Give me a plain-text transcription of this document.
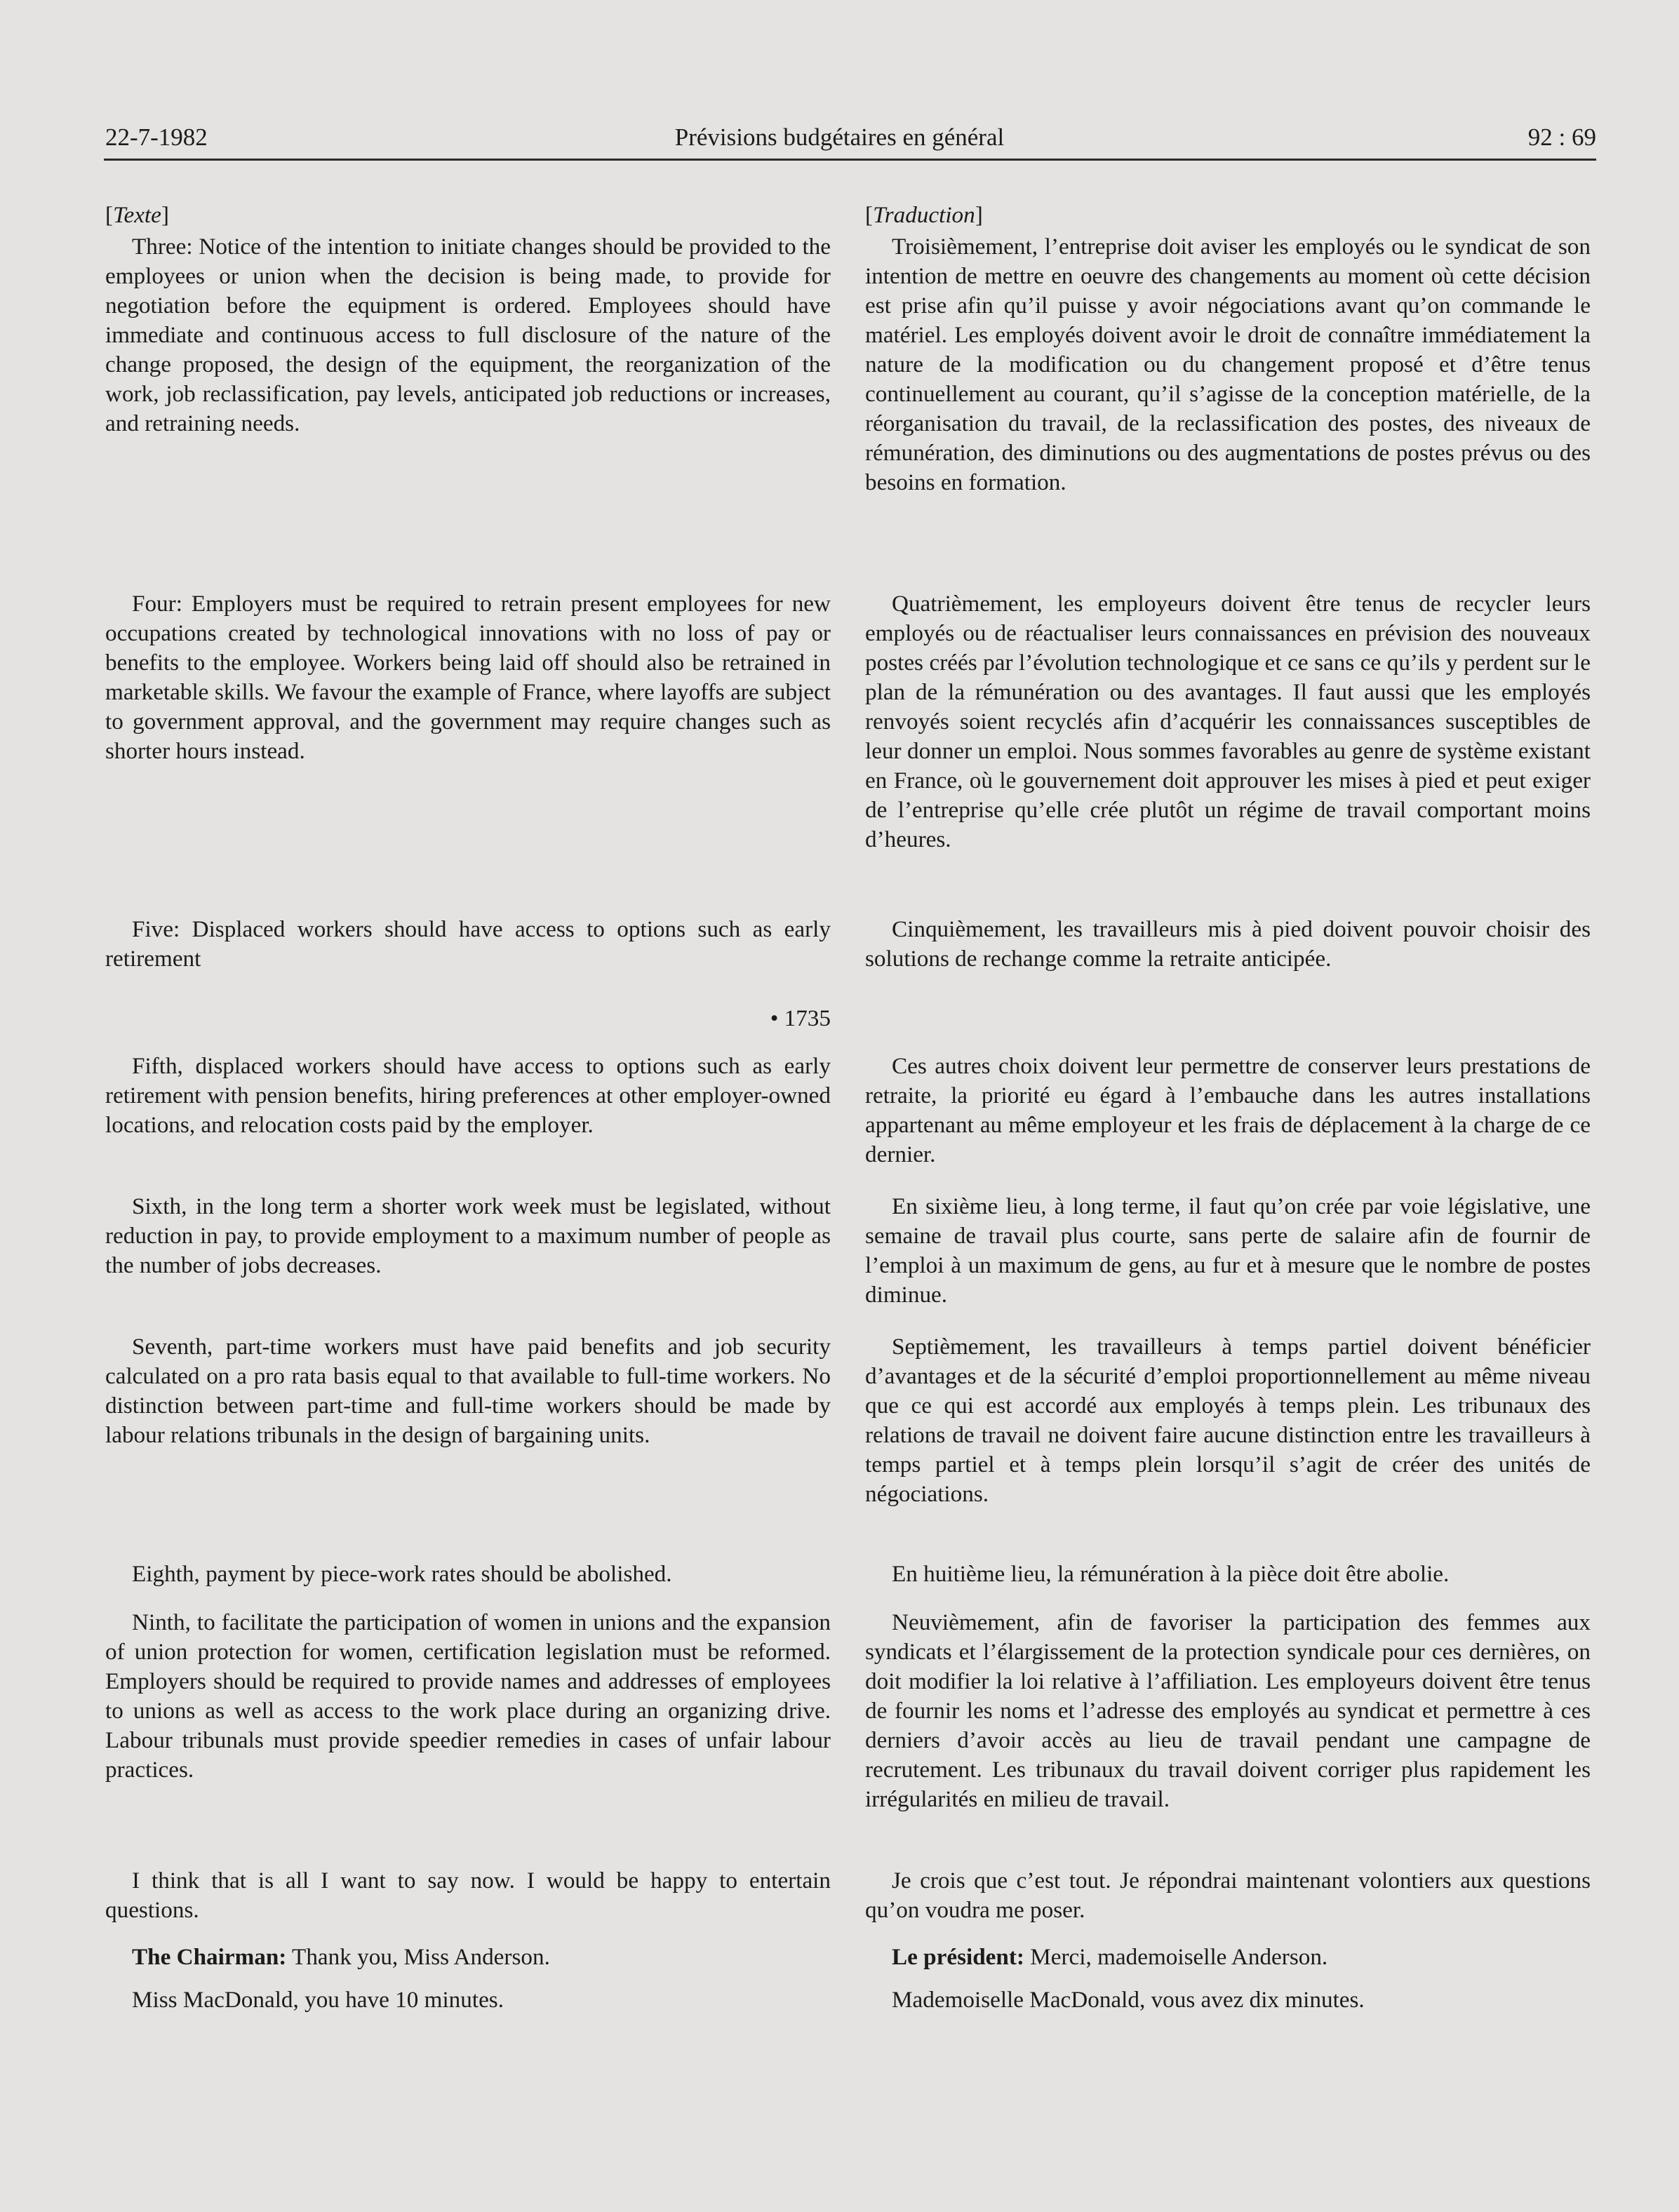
22-7-1982	Prévisions budgétaires en général	92 : 69

[Texte]

Three: Notice of the intention to initiate changes should be provided to the employees or union when the decision is being made, to provide for negotiation before the equipment is ordered. Employees should have immediate and continuous access to full disclosure of the nature of the change proposed, the design of the equipment, the reorganization of the work, job reclassification, pay levels, anticipated job reductions or increases, and retraining needs.

Four: Employers must be required to retrain present employees for new occupations created by technological innovations with no loss of pay or benefits to the employee. Workers being laid off should also be retrained in marketable skills. We favour the example of France, where layoffs are subject to government approval, and the government may require changes such as shorter hours instead.

Five: Displaced workers should have access to options such as early retirement

• 1735

Fifth, displaced workers should have access to options such as early retirement with pension benefits, hiring preferences at other employer-owned locations, and relocation costs paid by the employer.

Sixth, in the long term a shorter work week must be legislated, without reduction in pay, to provide employment to a maximum number of people as the number of jobs decreases.

Seventh, part-time workers must have paid benefits and job security calculated on a pro rata basis equal to that available to full-time workers. No distinction between part-time and full-time workers should be made by labour relations tribunals in the design of bargaining units.

Eighth, payment by piece-work rates should be abolished.

Ninth, to facilitate the participation of women in unions and the expansion of union protection for women, certification legislation must be reformed. Employers should be required to provide names and addresses of employees to unions as well as access to the work place during an organizing drive. Labour tribunals must provide speedier remedies in cases of unfair labour practices.

I think that is all I want to say now. I would be happy to entertain questions.

The Chairman: Thank you, Miss Anderson.

Miss MacDonald, you have 10 minutes.

[Traduction]

Troisièmement, l’entreprise doit aviser les employés ou le syndicat de son intention de mettre en oeuvre des changements au moment où cette décision est prise afin qu’il puisse y avoir négociations avant qu’on commande le matériel. Les employés doivent avoir le droit de connaître immédiatement la nature de la modification ou du changement proposé et d’être tenus continuellement au courant, qu’il s’agisse de la conception matérielle, de la réorganisation du travail, de la reclassification des postes, des niveaux de rémunération, des diminutions ou des augmentations de postes prévus ou des besoins en formation.

Quatrièmement, les employeurs doivent être tenus de recycler leurs employés ou de réactualiser leurs connaissances en prévision des nouveaux postes créés par l’évolution technologique et ce sans ce qu’ils y perdent sur le plan de la rémunération ou des avantages. Il faut aussi que les employés renvoyés soient recyclés afin d’acquérir les connaissances susceptibles de leur donner un emploi. Nous sommes favorables au genre de système existant en France, où le gouvernement doit approuver les mises à pied et peut exiger de l’entreprise qu’elle crée plutôt un régime de travail comportant moins d’heures.

Cinquièmement, les travailleurs mis à pied doivent pouvoir choisir des solutions de rechange comme la retraite anticipée.

Ces autres choix doivent leur permettre de conserver leurs prestations de retraite, la priorité eu égard à l’embauche dans les autres installations appartenant au même employeur et les frais de déplacement à la charge de ce dernier.

En sixième lieu, à long terme, il faut qu’on crée par voie législative, une semaine de travail plus courte, sans perte de salaire afin de fournir de l’emploi à un maximum de gens, au fur et à mesure que le nombre de postes diminue.

Septièmement, les travailleurs à temps partiel doivent bénéficier d’avantages et de la sécurité d’emploi proportionnellement au même niveau que ce qui est accordé aux employés à temps plein. Les tribunaux des relations de travail ne doivent faire aucune distinction entre les travailleurs à temps partiel et à temps plein lorsqu’il s’agit de créer des unités de négociations.

En huitième lieu, la rémunération à la pièce doit être abolie.

Neuvièmement, afin de favoriser la participation des femmes aux syndicats et l’élargissement de la protection syndicale pour ces dernières, on doit modifier la loi relative à l’affiliation. Les employeurs doivent être tenus de fournir les noms et l’adresse des employés au syndicat et permettre à ces derniers d’avoir accès au lieu de travail pendant une campagne de recrutement. Les tribunaux du travail doivent corriger plus rapidement les irrégularités en milieu de travail.

Je crois que c’est tout. Je répondrai maintenant volontiers aux questions qu’on voudra me poser.

Le président: Merci, mademoiselle Anderson.

Mademoiselle MacDonald, vous avez dix minutes.
